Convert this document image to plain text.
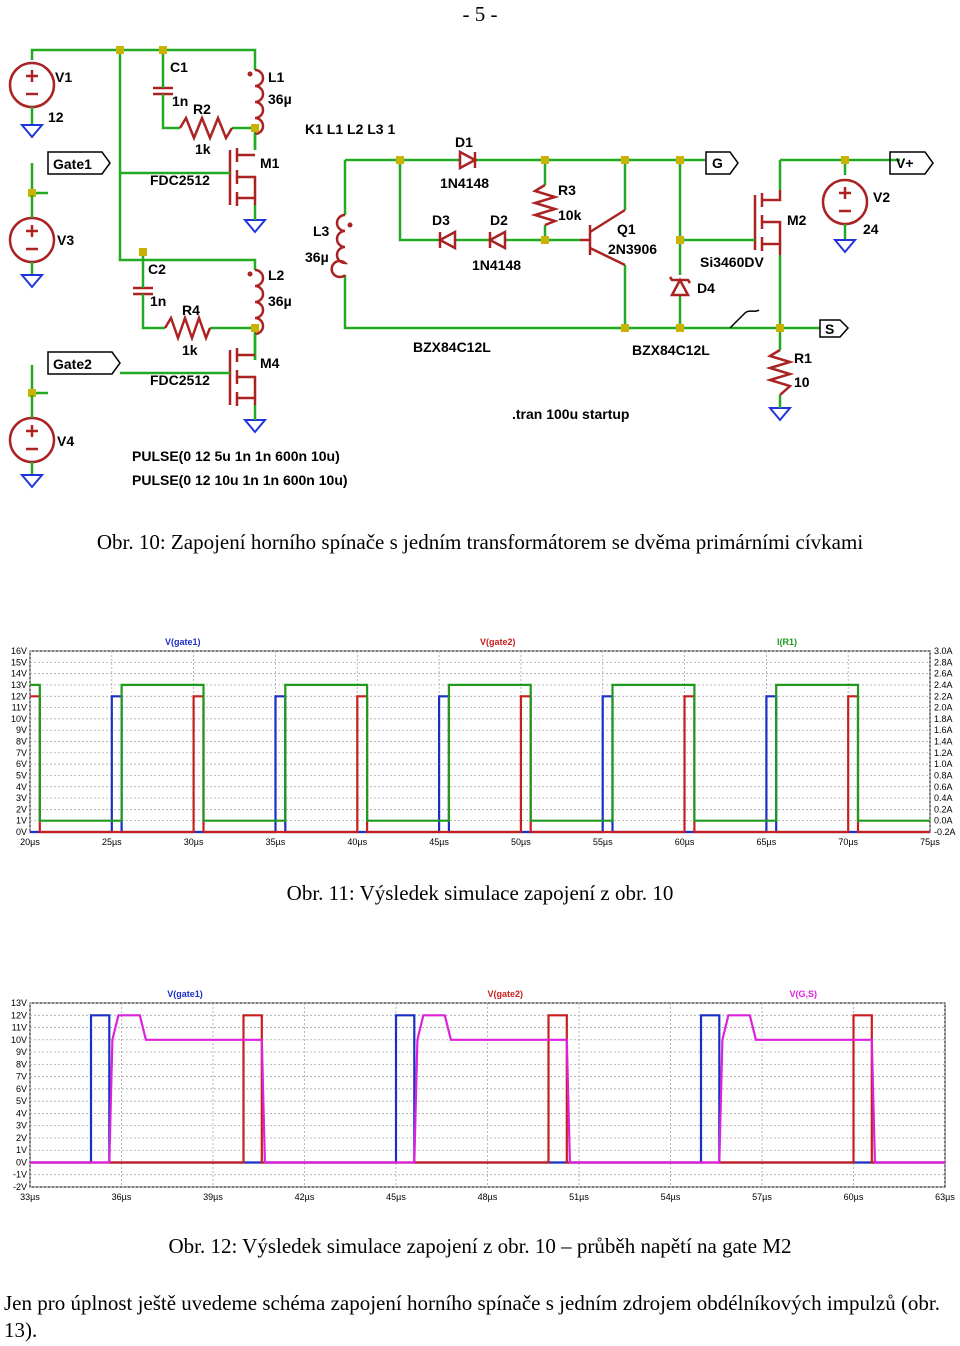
- 5 -
V1
12
Gate1
V3
Gate2
V4
C1
1n R2
1k
L1
36µ
M1
FDC2512
C2
1n
R4
1k
L2
36µ
M4
FDC2512
K1 L1 L2 L3 1
L3
36µ
D1
1N4148
D3	D2
1N4148
R3
10k
Q1
2N3906
G
M2
Si3460DV
D4
BZX84C12L
BZX84C12L
V2
24
V+
S
R1
10
.tran 100u startup
PULSE(0 12 5u 1n 1n 600n 10u)
PULSE(0 12 10u 1n 1n 600n 10u)
Obr. 10: Zapojení horního spínače s jedním transformátorem se dvěma primárními cívkami
20µs	25µs	30µs	35µs	40µs	45µs	50µs	55µs	60µs	65µs	70µs	75µs
0V
1V
2V
3V
4V
5V
6V
7V
8V
9V
10V
11V
12V
13V
14V
15V
16V
-0.2A
0.0A
0.2A
0.4A
0.6A
0.8A
1.0A
1.2A
1.4A
1.6A
1.8A
2.0A
2.2A
2.4A
2.6A
2.8A
3.0A
V(gate1)	V(gate2)	I(R1)
Obr. 11: Výsledek simulace zapojení z obr. 10
33µs	36µs	39µs	42µs	45µs	48µs	51µs	54µs	57µs	60µs	63µs
-2V
-1V
0V
1V
2V
3V
4V
5V
6V
7V
8V
9V
10V
11V
12V
13V
V(gate1)	V(gate2)	V(G,S)
Obr. 12: Výsledek simulace zapojení z obr. 10 – průběh napětí na gate M2
Jen pro úplnost ještě uvedeme schéma zapojení horního spínače s jedním zdrojem obdélníkových impulzů (obr. 13).
